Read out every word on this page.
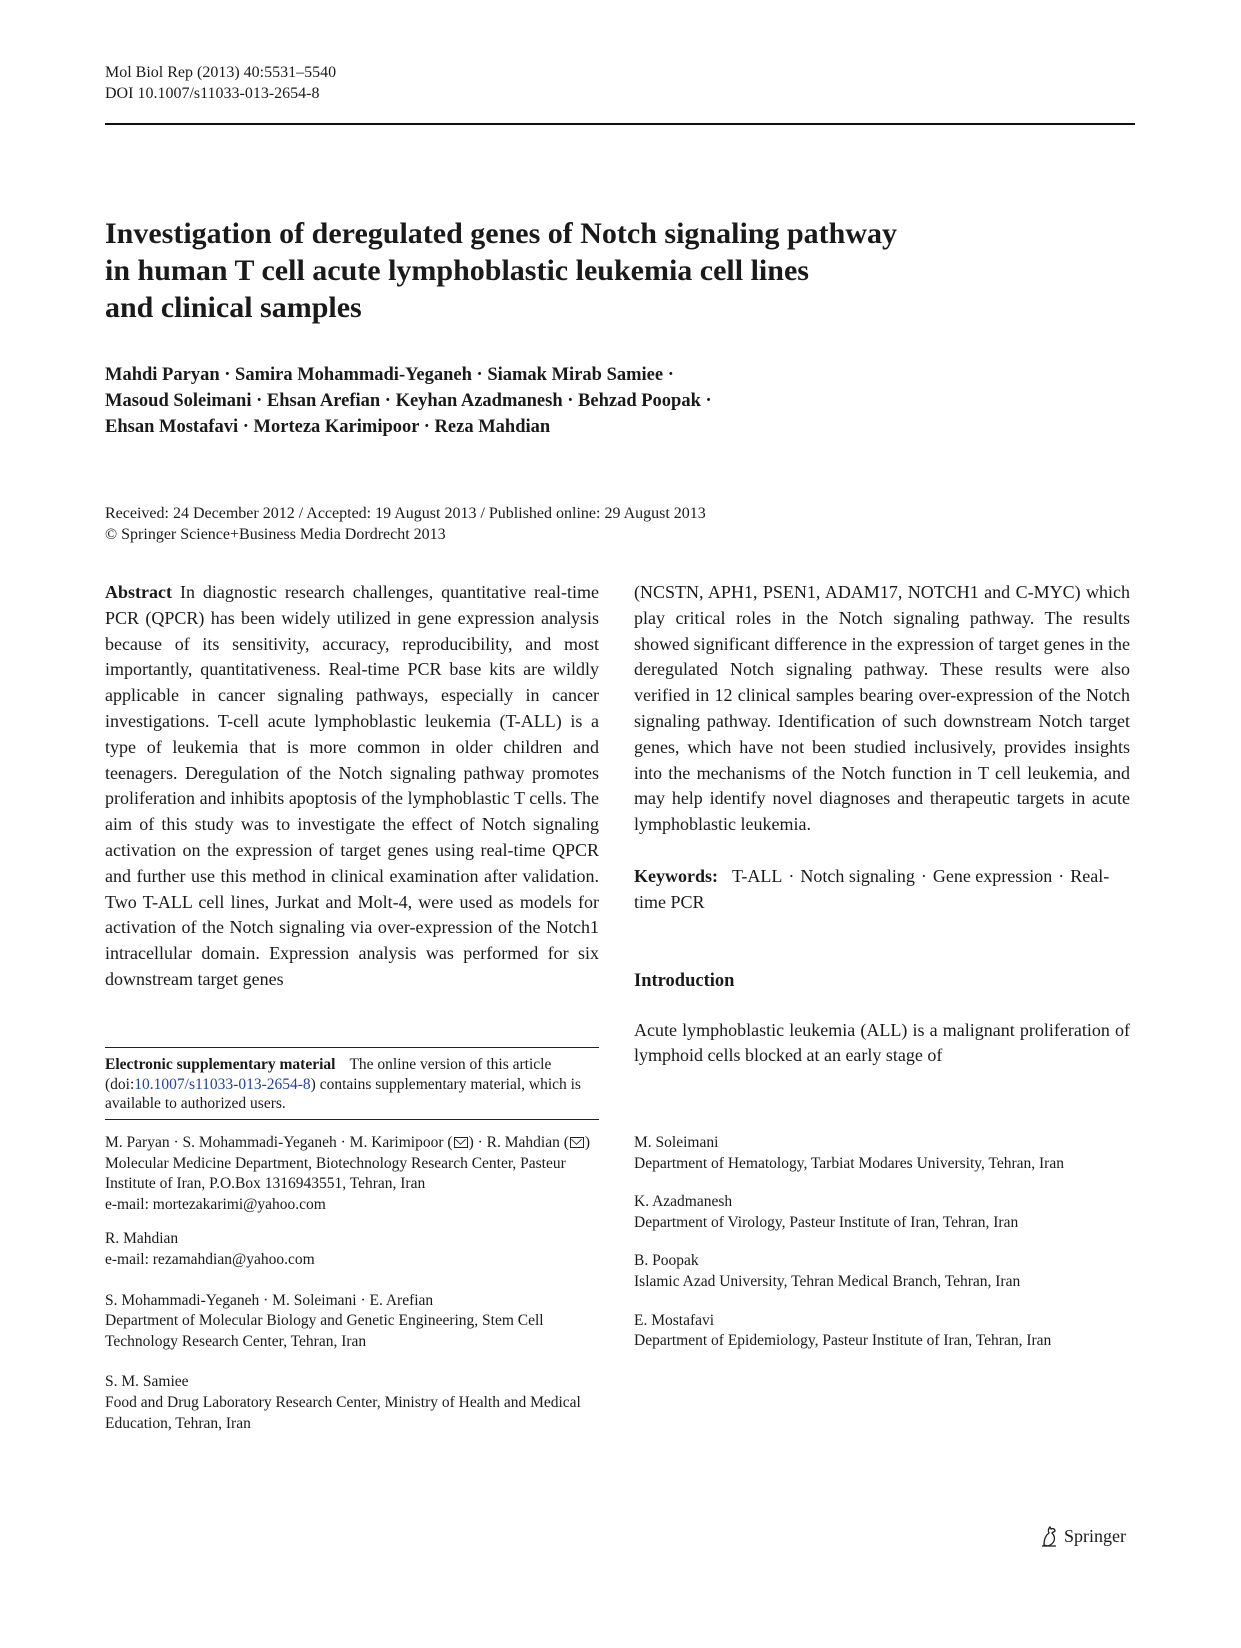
Mol Biol Rep (2013) 40:5531–5540
DOI 10.1007/s11033-013-2654-8
Investigation of deregulated genes of Notch signaling pathway
in human T cell acute lymphoblastic leukemia cell lines
and clinical samples
Mahdi Paryan · Samira Mohammadi-Yeganeh · Siamak Mirab Samiee ·
Masoud Soleimani · Ehsan Arefian · Keyhan Azadmanesh · Behzad Poopak ·
Ehsan Mostafavi · Morteza Karimipoor · Reza Mahdian
Received: 24 December 2012 / Accepted: 19 August 2013 / Published online: 29 August 2013
© Springer Science+Business Media Dordrecht 2013

Abstract In diagnostic research challenges, quantitative real-time PCR (QPCR) has been widely utilized in gene expression analysis because of its sensitivity, accuracy, reproducibility, and most importantly, quantitativeness. Real-time PCR base kits are wildly applicable in cancer signaling pathways, especially in cancer investigations. T-cell acute lymphoblastic leukemia (T-ALL) is a type of leukemia that is more common in older children and teenagers. Deregulation of the Notch signaling pathway promotes proliferation and inhibits apoptosis of the lymphoblastic T cells. The aim of this study was to investigate the effect of Notch signaling activation on the expression of target genes using real-time QPCR and further use this method in clinical examination after validation. Two T-ALL cell lines, Jurkat and Molt-4, were used as models for activation of the Notch signaling via over-expression of the Notch1 intracellular domain. Expression analysis was performed for six downstream target genes

(NCSTN, APH1, PSEN1, ADAM17, NOTCH1 and C-MYC) which play critical roles in the Notch signaling pathway. The results showed significant difference in the expression of target genes in the deregulated Notch signaling pathway. These results were also verified in 12 clinical samples bearing over-expression of the Notch signaling pathway. Identification of such downstream Notch target genes, which have not been studied inclusively, provides insights into the mechanisms of the Notch function in T cell leukemia, and may help identify novel diagnoses and therapeutic targets in acute lymphoblastic leukemia.

Keywords: T-ALL · Notch signaling · Gene expression · Real-time PCR
Introduction

Acute lymphoblastic leukemia (ALL) is a malignant proliferation of lymphoid cells blocked at an early stage of

Electronic supplementary material The online version of this article (doi:10.1007/s11033-013-2654-8) contains supplementary material, which is available to authorized users.
M. Paryan · S. Mohammadi-Yeganeh · M. Karimipoor ( ) · R. Mahdian ( )
Molecular Medicine Department, Biotechnology Research Center, Pasteur Institute of Iran, P.O.Box 1316943551, Tehran, Iran
e-mail: mortezakarimi@yahoo.com
R. Mahdian
e-mail: rezamahdian@yahoo.com
S. Mohammadi-Yeganeh · M. Soleimani · E. Arefian
Department of Molecular Biology and Genetic Engineering, Stem Cell Technology Research Center, Tehran, Iran
S. M. Samiee
Food and Drug Laboratory Research Center, Ministry of Health and Medical Education, Tehran, Iran
M. Soleimani
Department of Hematology, Tarbiat Modares University, Tehran, Iran
K. Azadmanesh
Department of Virology, Pasteur Institute of Iran, Tehran, Iran
B. Poopak
Islamic Azad University, Tehran Medical Branch, Tehran, Iran
E. Mostafavi
Department of Epidemiology, Pasteur Institute of Iran, Tehran, Iran
Springer
